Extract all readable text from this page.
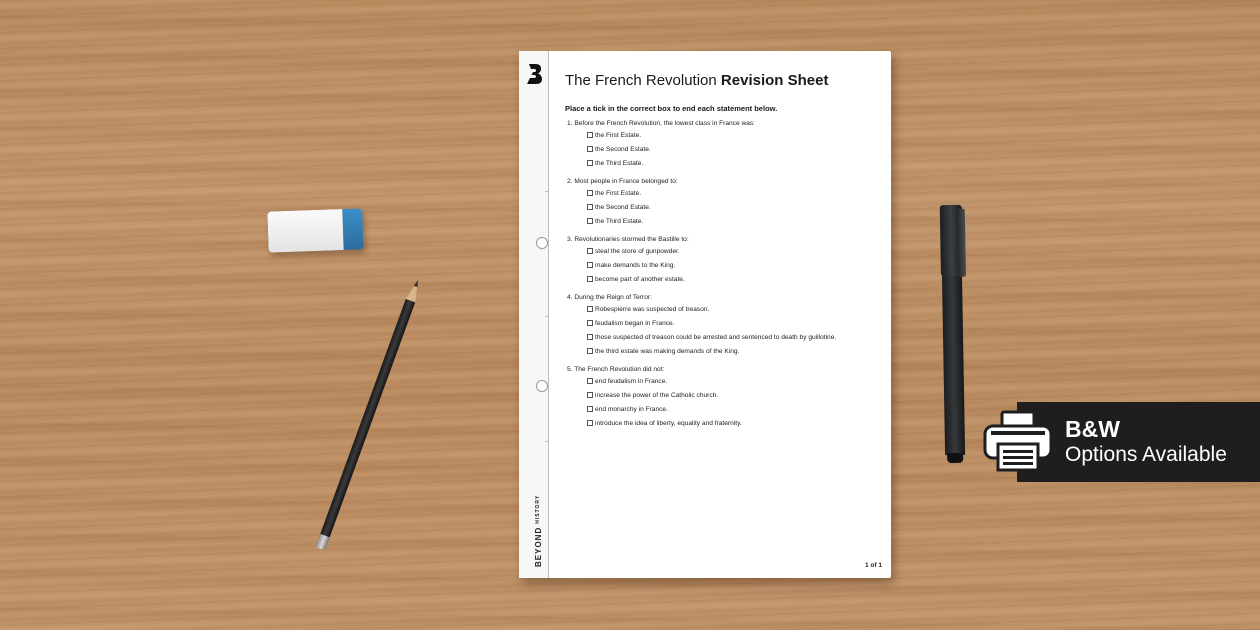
$BEYOND^{HISTORY}$
The French Revolution Revision Sheet
Place a tick in the correct box to end each statement below.
1. Before the French Revolution, the lowest class in France was:
the First Estate.
the Second Estate.
the Third Estate.
2. Most people in France belonged to:
the First Estate.
the Second Estate.
the Third Estate.
3. Revolutionaries stormed the Bastille to:
steal the store of gunpowder.
make demands to the King.
become part of another estate.
4. During the Reign of Terror:
Robespierre was suspected of treason.
feudalism began in France.
those suspected of treason could be arrested and sentenced to death by guillotine.
the third estate was making demands of the King.
5. The French Revolution did not:
end feudalism in France.
increase the power of the Catholic church.
end monarchy in France.
introduce the idea of liberty, equality and fraternity.
1 of 1
B&W
Options Available
